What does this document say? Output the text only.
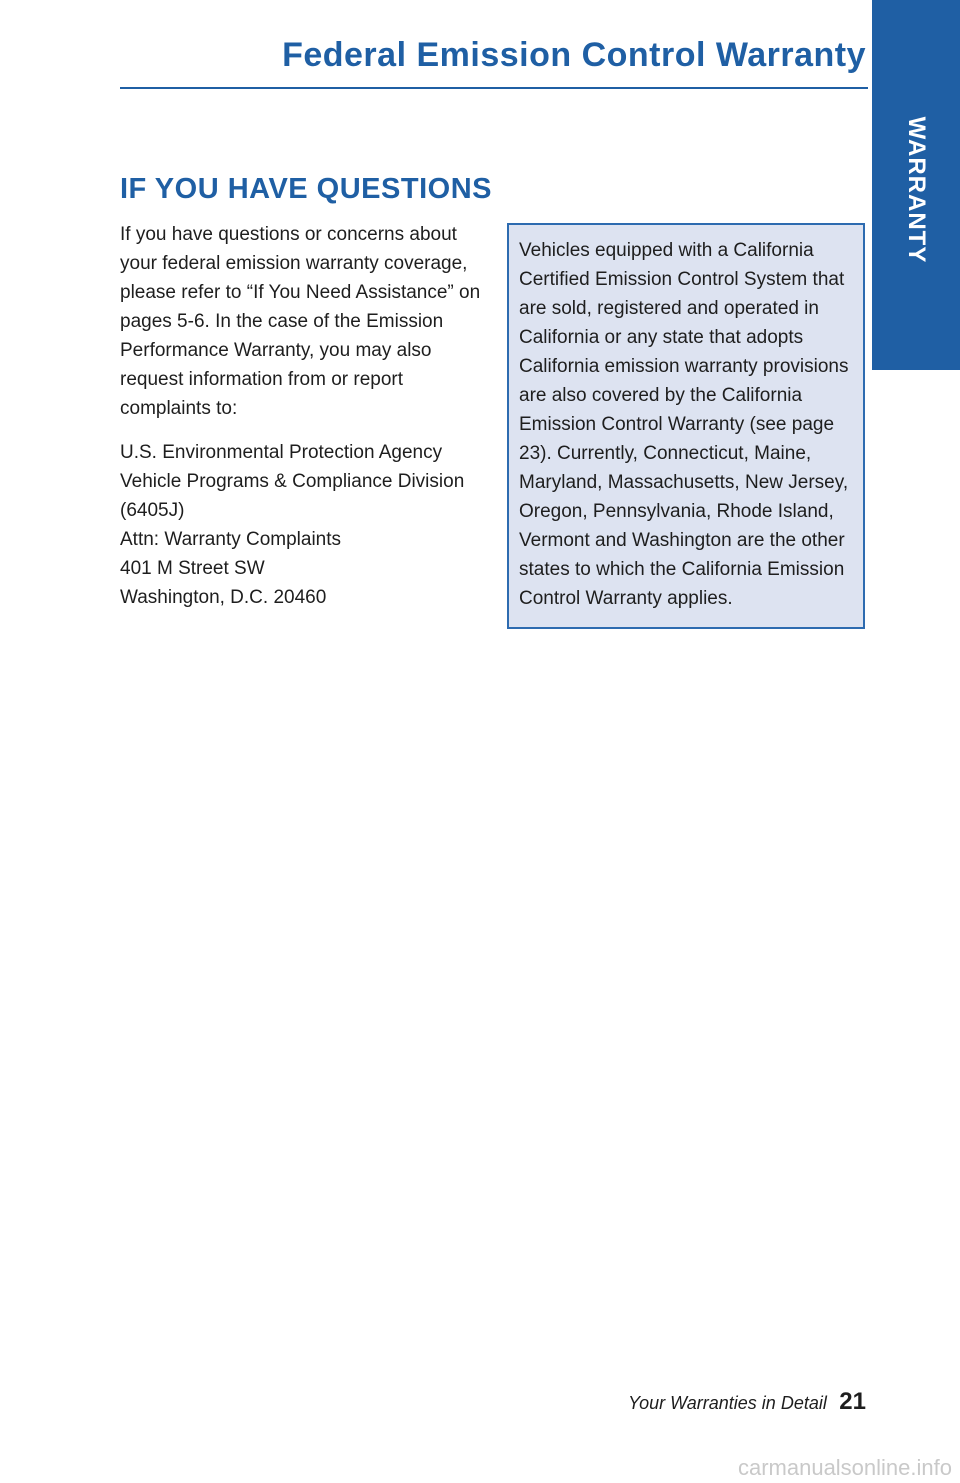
WARRANTY
Federal Emission Control Warranty
IF YOU HAVE QUESTIONS

If you have questions or concerns about your federal emission warranty coverage, please refer to “If You Need Assistance” on pages 5-6. In the case of the Emission Performance Warranty, you may also request information from or report complaints to:

U.S. Environmental Protection Agency
Vehicle Programs & Compliance Division
(6405J)
Attn: Warranty Complaints
401 M Street SW
Washington, D.C. 20460

Vehicles equipped with a California Certified Emission Control System that are sold, registered and operated in California or any state that adopts California emission warranty provisions are also covered by the California Emission Control Warranty (see page 23). Currently, Connecticut, Maine, Maryland, Massachusetts, New Jersey, Oregon, Pennsylvania, Rhode Island, Vermont and Washington are the other states to which the California Emission Control Warranty applies.

Your Warranties in Detail 21
carmanualsonline.info
